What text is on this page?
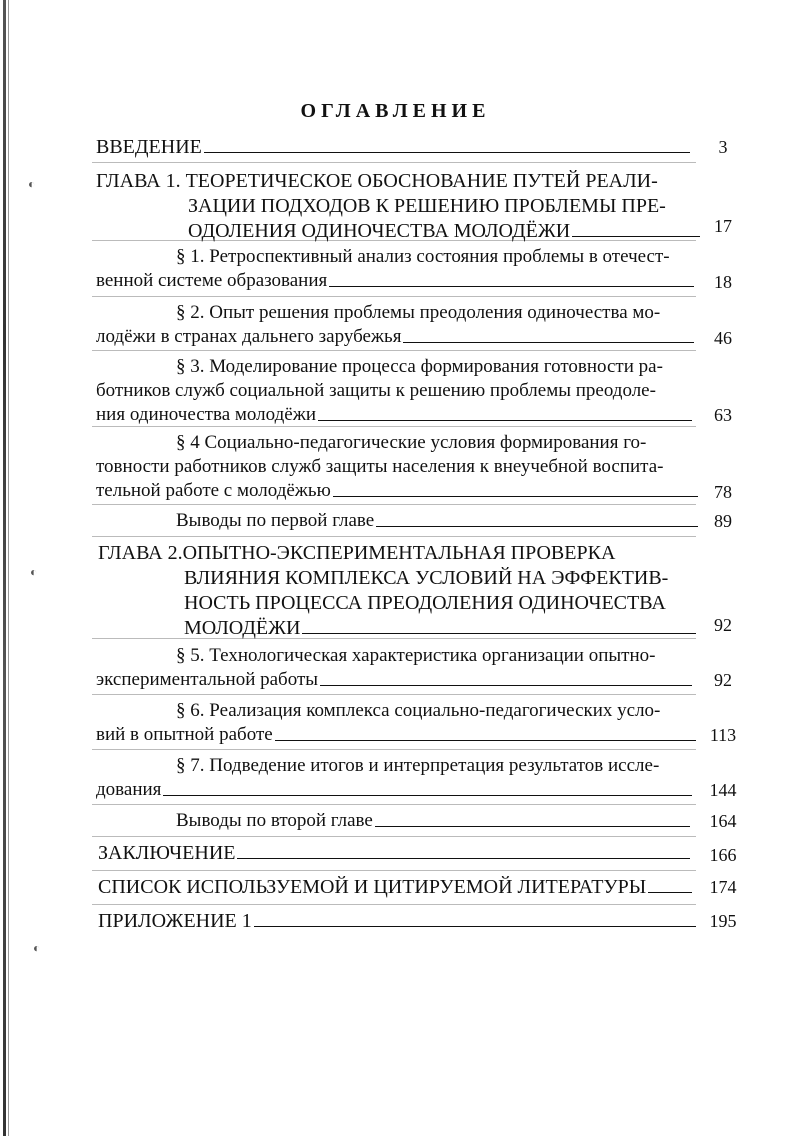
◐
◐
◐
ОГЛАВЛЕНИЕ
ВВЕДЕНИЕ	3
ГЛАВА 1. ТЕОРЕТИЧЕСКОЕ ОБОСНОВАНИЕ ПУТЕЙ РЕАЛИ-
ЗАЦИИ ПОДХОДОВ К РЕШЕНИЮ ПРОБЛЕМЫ ПРЕ-
ОДОЛЕНИЯ ОДИНОЧЕСТВА МОЛОДЁЖИ	17
§ 1. Ретроспективный анализ состояния проблемы в отечест-
венной системе образования	18
§ 2. Опыт решения проблемы преодоления одиночества мо-
лодёжи в странах дальнего зарубежья	46
§ 3. Моделирование процесса формирования готовности ра-
ботников служб социальной защиты к решению проблемы преодоле-
ния одиночества молодёжи	63
§ 4 Социально-педагогические условия формирования го-
товности работников служб защиты населения к внеучебной воспита-
тельной работе с молодёжью	78
Выводы по первой главе	89
ГЛАВА 2.ОПЫТНО-ЭКСПЕРИМЕНТАЛЬНАЯ ПРОВЕРКА
ВЛИЯНИЯ КОМПЛЕКСА УСЛОВИЙ НА ЭФФЕКТИВ-
НОСТЬ ПРОЦЕССА ПРЕОДОЛЕНИЯ ОДИНОЧЕСТВА
МОЛОДЁЖИ	92
§ 5. Технологическая характеристика организации опытно-
экспериментальной работы	92
§ 6. Реализация комплекса социально-педагогических усло-
вий в опытной работе	113
§ 7. Подведение итогов и интерпретация результатов иссле-
дования	144
Выводы по второй главе	164
ЗАКЛЮЧЕНИЕ	166
СПИСОК ИСПОЛЬЗУЕМОЙ И ЦИТИРУЕМОЙ ЛИТЕРАТУРЫ	174
ПРИЛОЖЕНИЕ 1	195
